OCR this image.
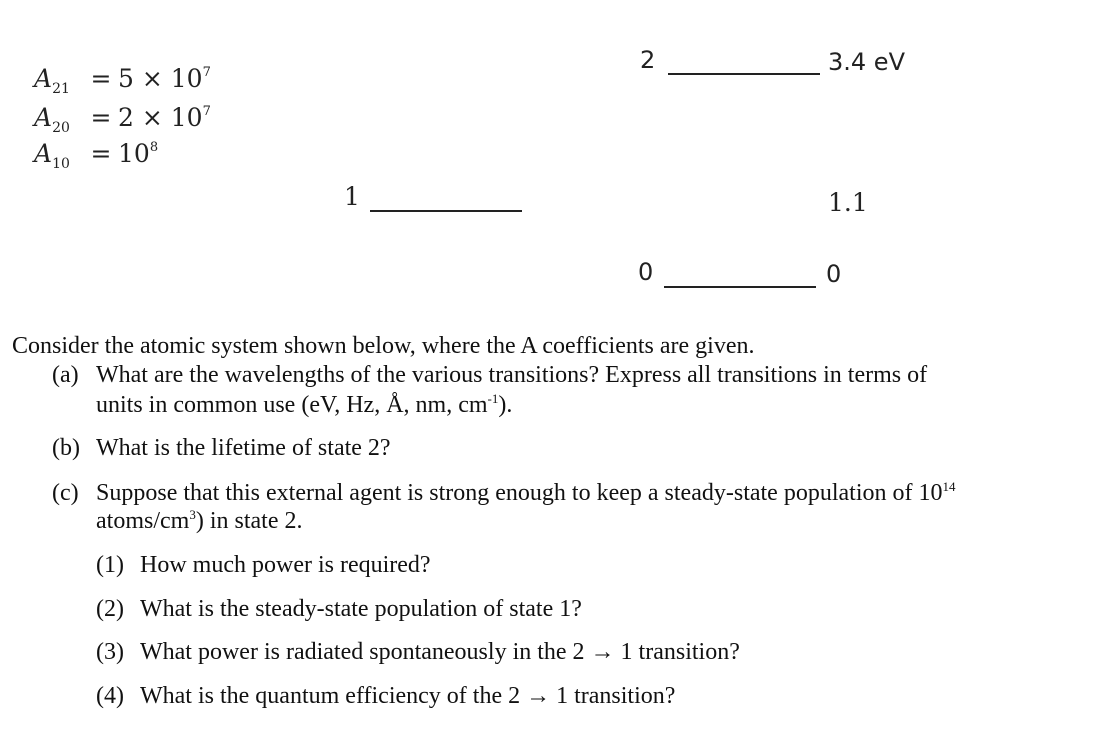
$A_{21} = 5 \times 10^7$
$A_{20} = 2 \times 10^7$
$A_{10} = 10^8$
2	3.4 eV
1	1.1
0	0
Consider the atomic system shown below, where the A coefficients are given.
(a) What are the wavelengths of the various transitions? Express all transitions in terms of
units in common use (eV, Hz, Å, nm, $cm^{-1}$).
(b) What is the lifetime of state 2?
(c) Suppose that this external agent is strong enough to keep a steady-state population of $10^{14}$
atoms/$cm^3$) in state 2.
(1) How much power is required?
(2) What is the steady-state population of state 1?
(3) What power is radiated spontaneously in the 2 → 1 transition?
(4) What is the quantum efficiency of the 2 → 1 transition?
